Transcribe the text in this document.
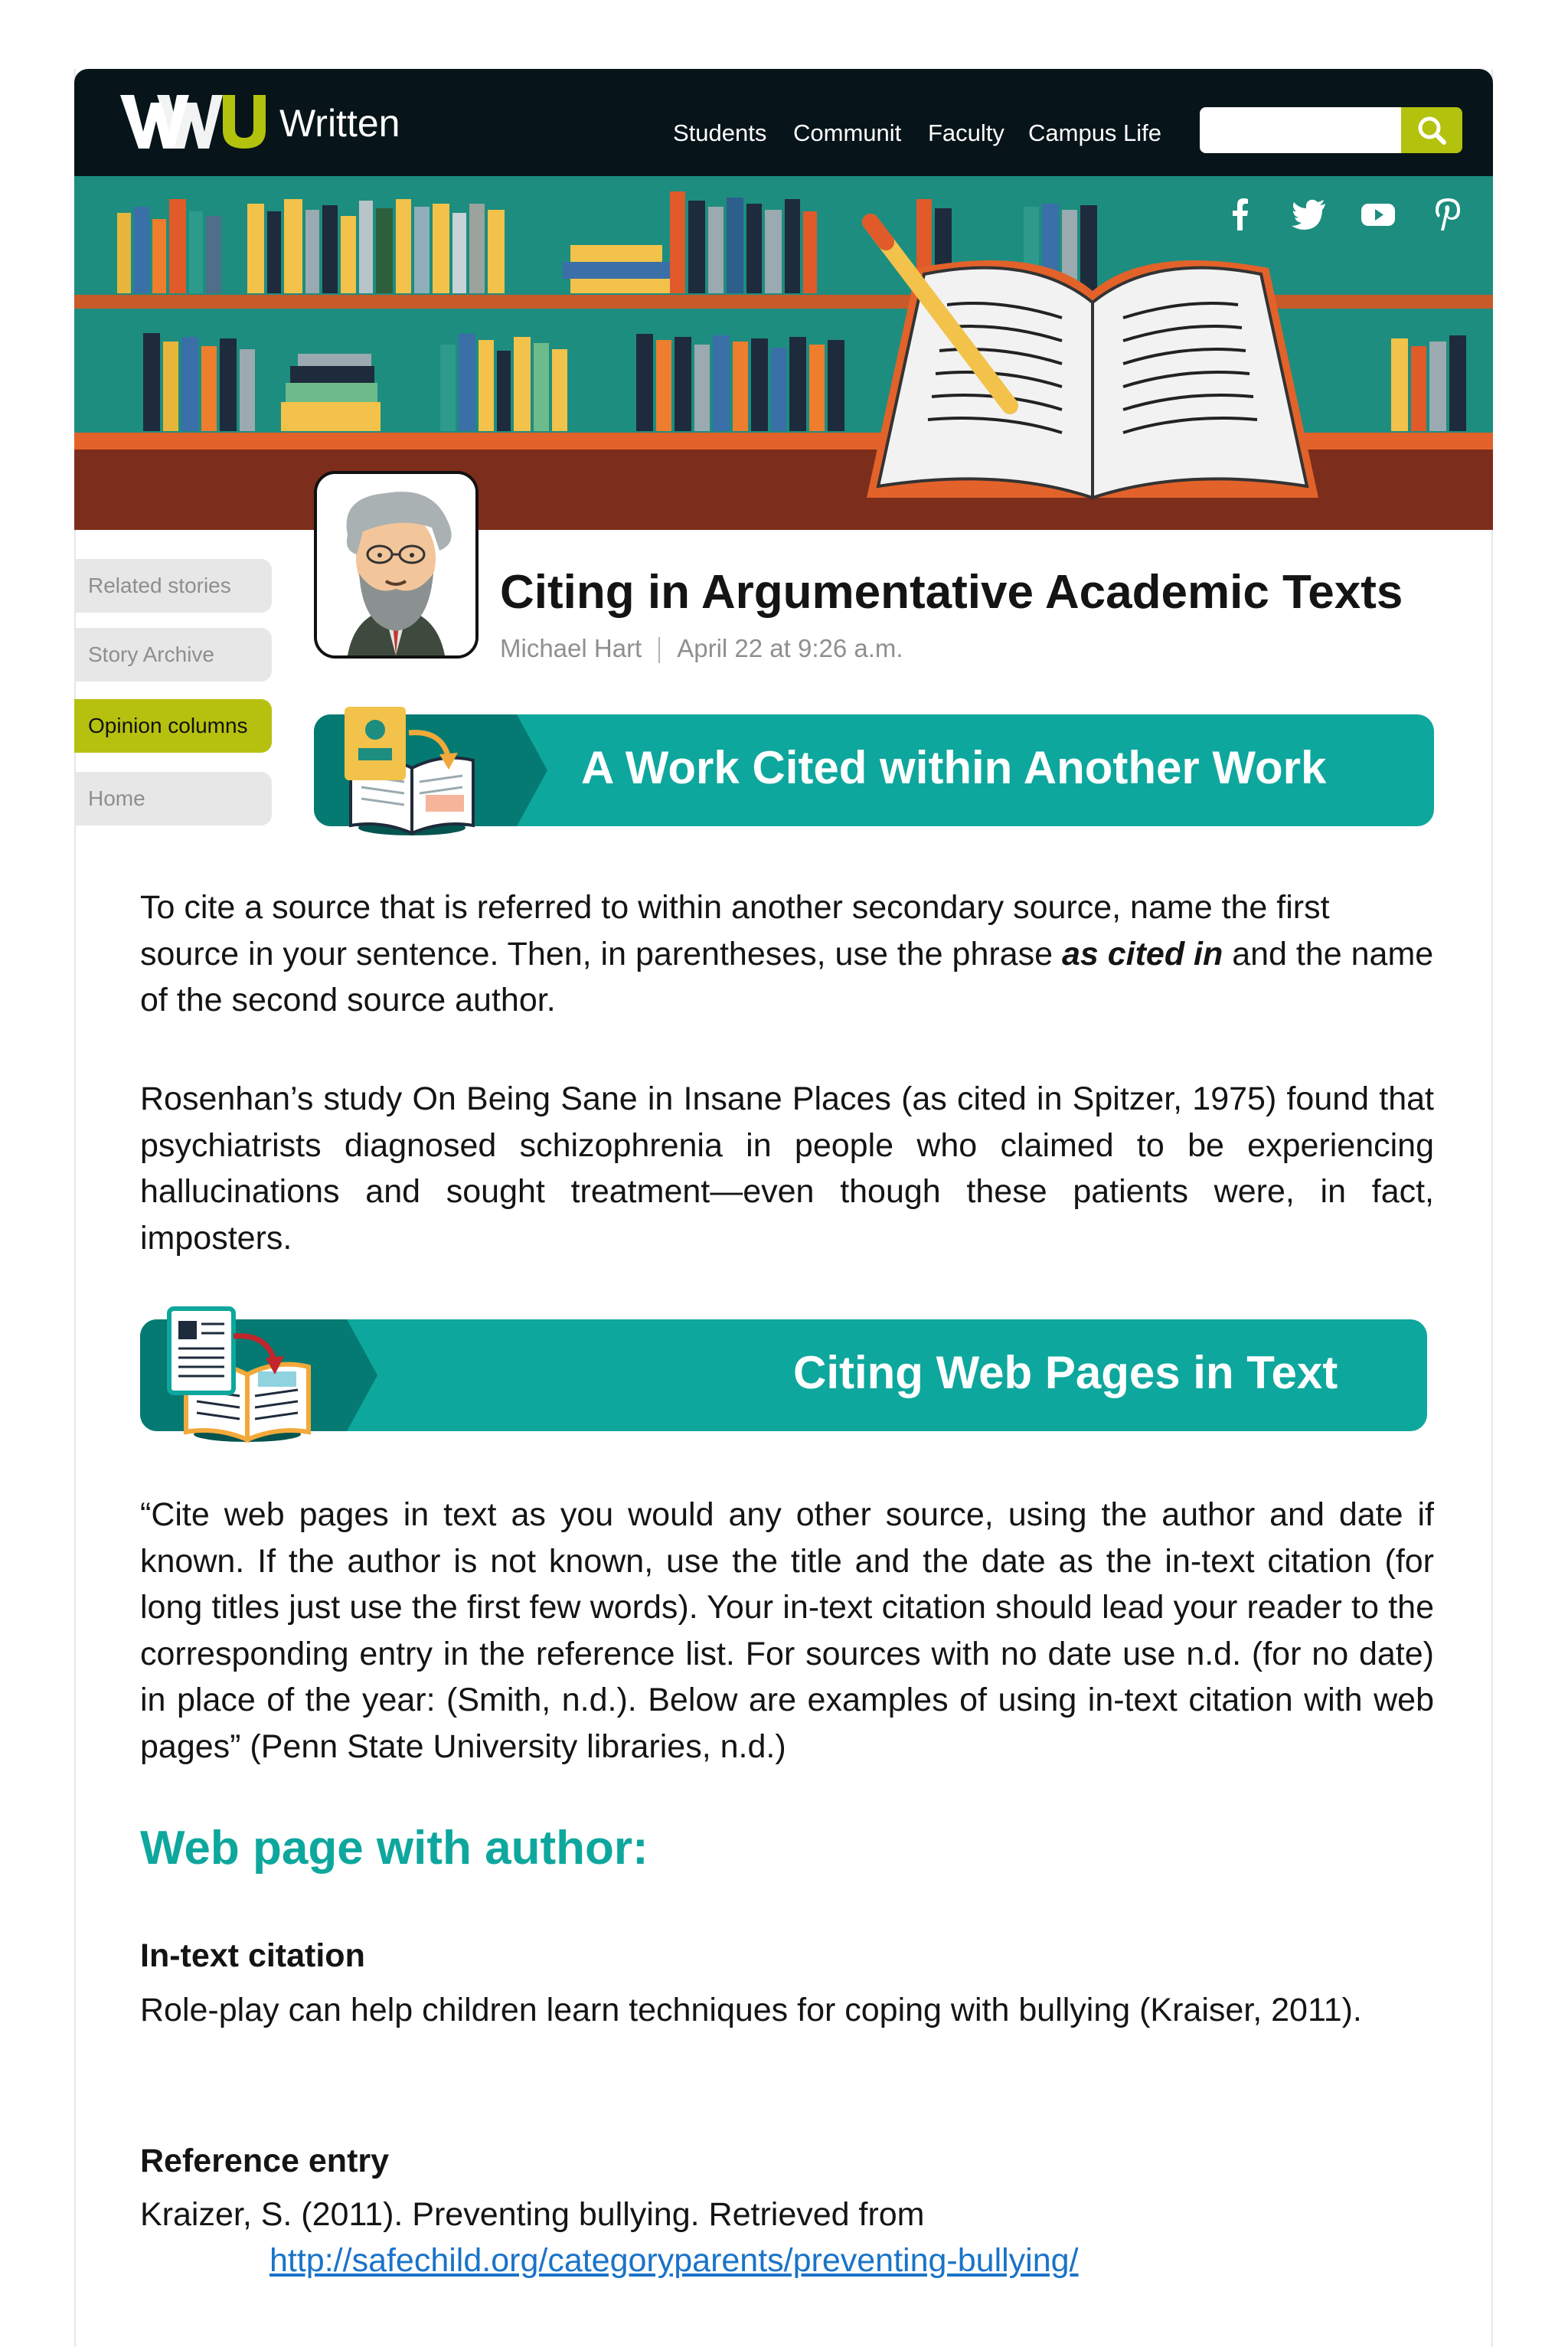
Written	Students Communit Faculty Campus Life
Related stories
Story Archive
Opinion columns
Home
Citing in Argumentative Academic Texts
Michael Hart April 22 at 9:26 a.m.
A Work Cited within Another Work
To cite a source that is referred to within another secondary source, name the first source in your sentence. Then, in parentheses, use the phrase as cited in and the name of the second source author.
Rosenhan’s study On Being Sane in Insane Places (as cited in Spitzer, 1975) found that psychiatrists diagnosed schizophrenia in people who claimed to be experiencing hallucinations and sought treatment—even though these patients were, in fact, imposters.
Citing Web Pages in Text
“Cite web pages in text as you would any other source, using the author and date if known. If the author is not known, use the title and the date as the in-text citation (for long titles just use the first few words). Your in-text citation should lead your reader to the corresponding entry in the reference list. For sources with no date use n.d. (for no date) in place of the year: (Smith, n.d.). Below are examples of using in-text citation with web pages” (Penn State University libraries, n.d.)
Web page with author:
In-text citation
Role-play can help children learn techniques for coping with bullying (Kraiser, 2011).
Reference entry
Kraizer, S. (2011). Preventing bullying. Retrieved from
http://safechild.org/categoryparents/preventing-bullying/
